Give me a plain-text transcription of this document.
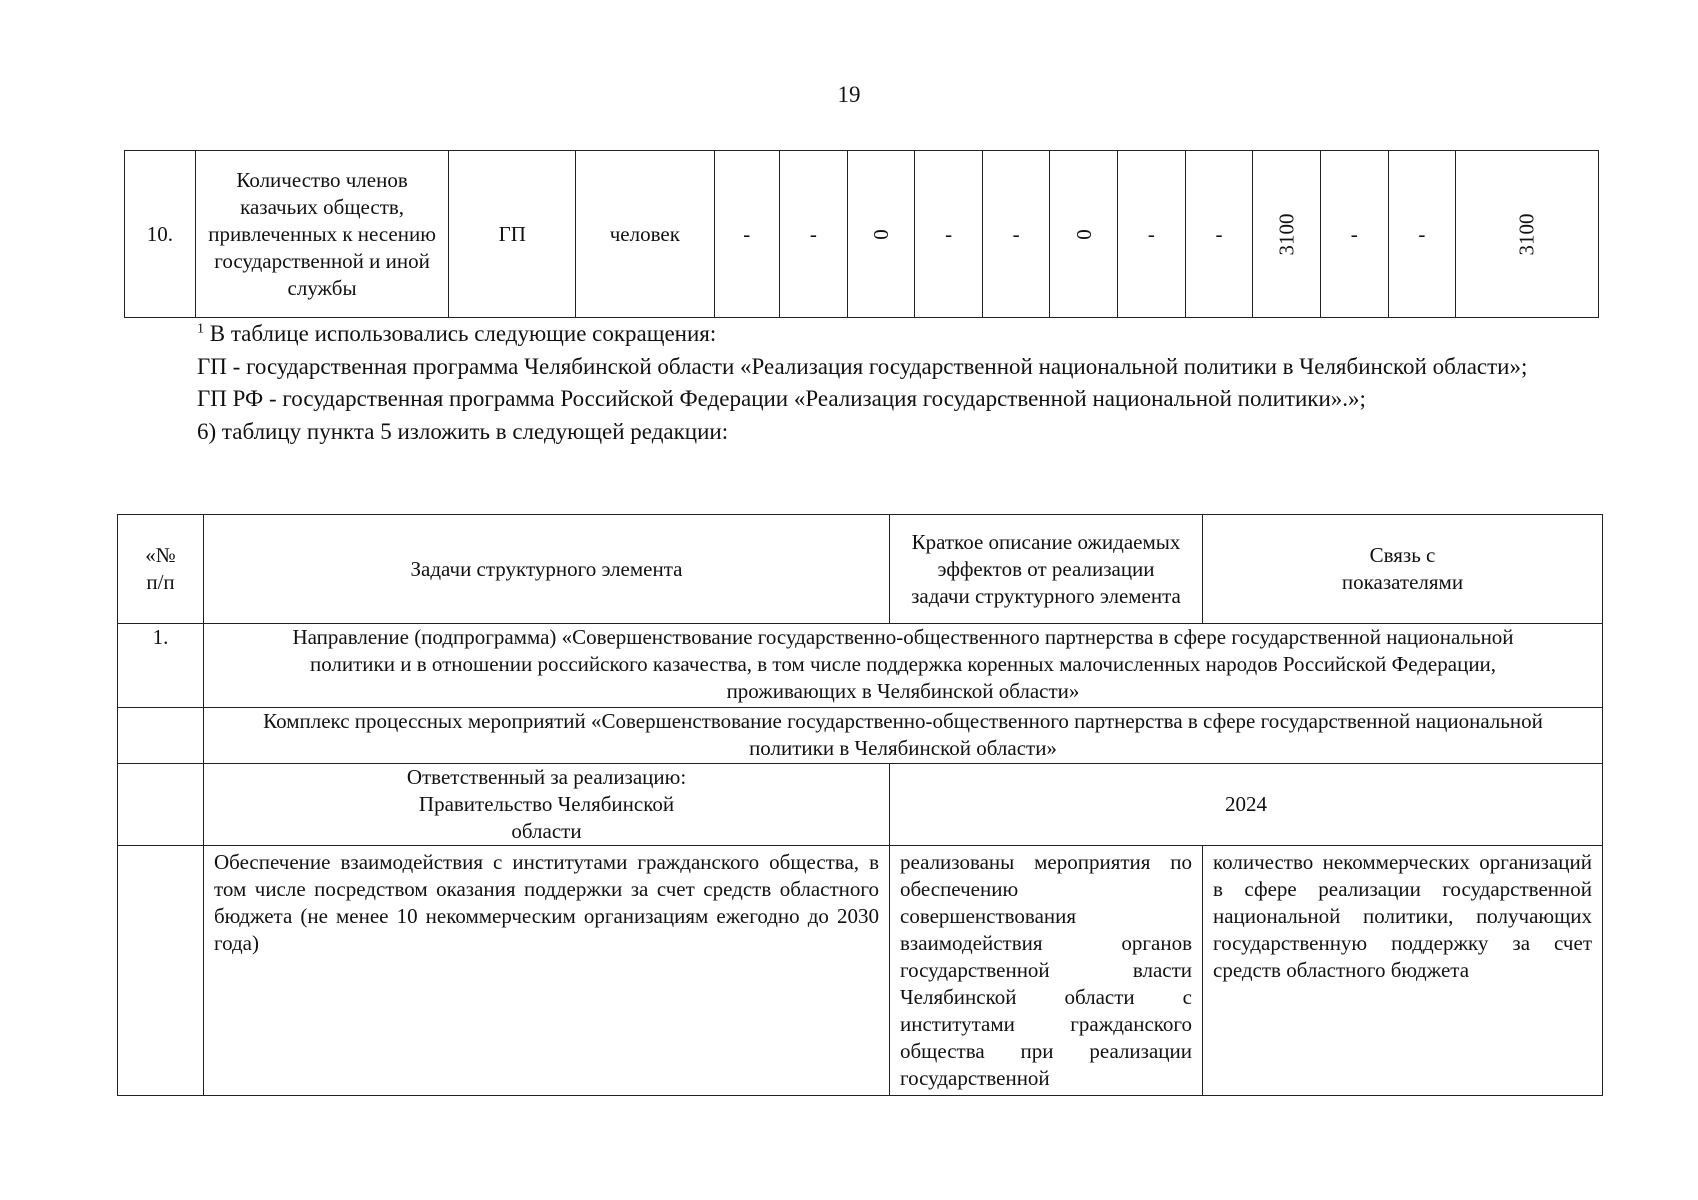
19
10.	Количество членов казачьих обществ, привлеченных к несению государственной и иной службы	ГП	человек	-	-	0	-	-	0	-	-	3100	-	-	3100

$^1$ В таблице использовались следующие сокращения:

ГП - государственная программа Челябинской области «Реализация государственной национальной политики в Челябинской области»;

ГП РФ - государственная программа Российской Федерации «Реализация государственной национальной политики».»;

6) таблицу пункта 5 изложить в следующей редакции:

«№ п/п	Задачи структурного элемента	Краткое описание ожидаемых эффектов от реализации задачи структурного элемента	Связь с показателями
1.	Направление (подпрограмма) «Совершенствование государственно-общественного партнерства в сфере государственной национальной политики и в отношении российского казачества, в том числе поддержка коренных малочисленных народов Российской Федерации, проживающих в Челябинской области»		
	Комплекс процессных мероприятий «Совершенствование государственно-общественного партнерства в сфере государственной национальной политики в Челябинской области»		
	Ответственный за реализацию: Правительство Челябинской области	2024	
	Обеспечение взаимодействия с институтами гражданского общества, в том числе посредством оказания поддержки за счет средств областного бюджета (не менее 10 некоммерческим организациям ежегодно до 2030 года)	реализованы мероприятия по обеспечению совершенствования взаимодействия органов государственной власти Челябинской области с институтами гражданского общества при реализации государственной	количество некоммерческих организаций в сфере реализации государственной национальной политики, получающих государственную поддержку за счет средств областного бюджета
